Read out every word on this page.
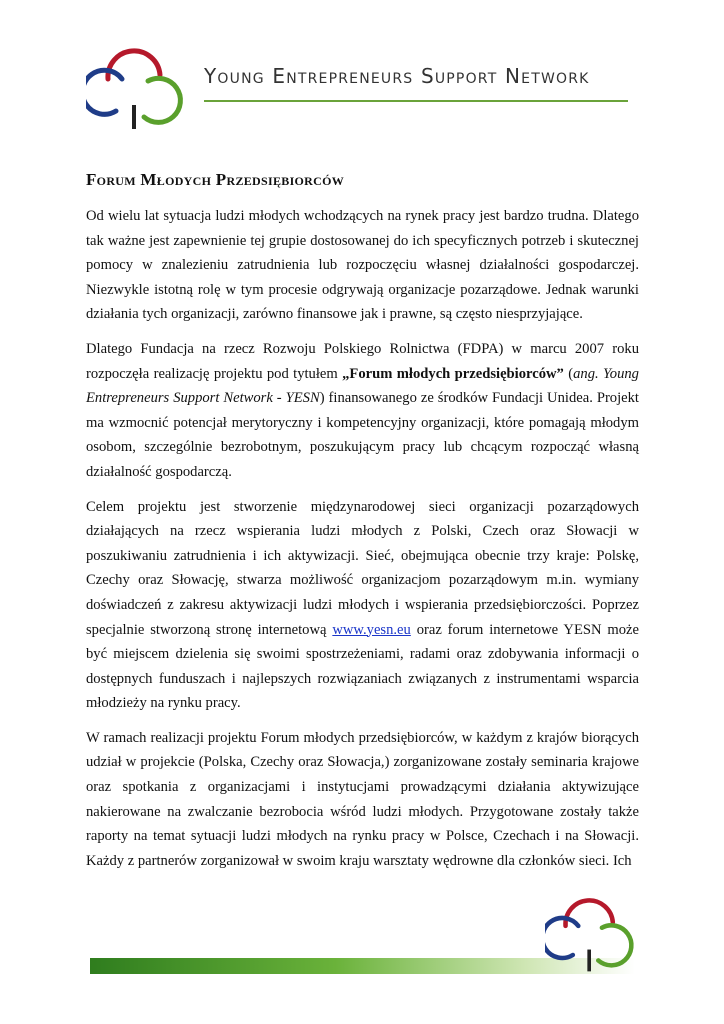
Young Entrepreneurs Support Network
Forum Młodych Przedsiębiorców

Od wielu lat sytuacja ludzi młodych wchodzących na rynek pracy jest bardzo trudna. Dlatego tak ważne jest zapewnienie tej grupie dostosowanej do ich specyficznych potrzeb i skutecznej pomocy w znalezieniu zatrudnienia lub rozpoczęciu własnej działalności gospodarczej. Niezwykle istotną rolę w tym procesie odgrywają organizacje pozarządowe. Jednak warunki działania tych organizacji, zarówno finansowe jak i prawne, są często niesprzyjające.

Dlatego Fundacja na rzecz Rozwoju Polskiego Rolnictwa (FDPA) w marcu 2007 roku rozpoczęła realizację projektu pod tytułem „Forum młodych przedsiębiorców” (ang. Young Entrepreneurs Support Network - YESN) finansowanego ze środków Fundacji Unidea. Projekt ma wzmocnić potencjał merytoryczny i kompetencyjny organizacji, które pomagają młodym osobom, szczególnie bezrobotnym, poszukującym pracy lub chcącym rozpocząć własną działalność gospodarczą.

Celem projektu jest stworzenie międzynarodowej sieci organizacji pozarządowych działających na rzecz wspierania ludzi młodych z Polski, Czech oraz Słowacji w poszukiwaniu zatrudnienia i ich aktywizacji. Sieć, obejmująca obecnie trzy kraje: Polskę, Czechy oraz Słowację, stwarza możliwość organizacjom pozarządowym m.in. wymiany doświadczeń z zakresu aktywizacji ludzi młodych i wspierania przedsiębiorczości. Poprzez specjalnie stworzoną stronę internetową www.yesn.eu oraz forum internetowe YESN może być miejscem dzielenia się swoimi spostrzeżeniami, radami oraz zdobywania informacji o dostępnych funduszach i najlepszych rozwiązaniach związanych z instrumentami wsparcia młodzieży na rynku pracy.

W ramach realizacji projektu Forum młodych przedsiębiorców, w każdym z krajów biorących udział w projekcie (Polska, Czechy oraz Słowacja,) zorganizowane zostały seminaria krajowe oraz spotkania z organizacjami i instytucjami prowadzącymi działania aktywizujące nakierowane na zwalczanie bezrobocia wśród ludzi młodych. Przygotowane zostały także raporty na temat sytuacji ludzi młodych na rynku pracy w Polsce, Czechach i na Słowacji. Każdy z partnerów zorganizował w swoim kraju warsztaty wędrowne dla członków sieci. Ich
